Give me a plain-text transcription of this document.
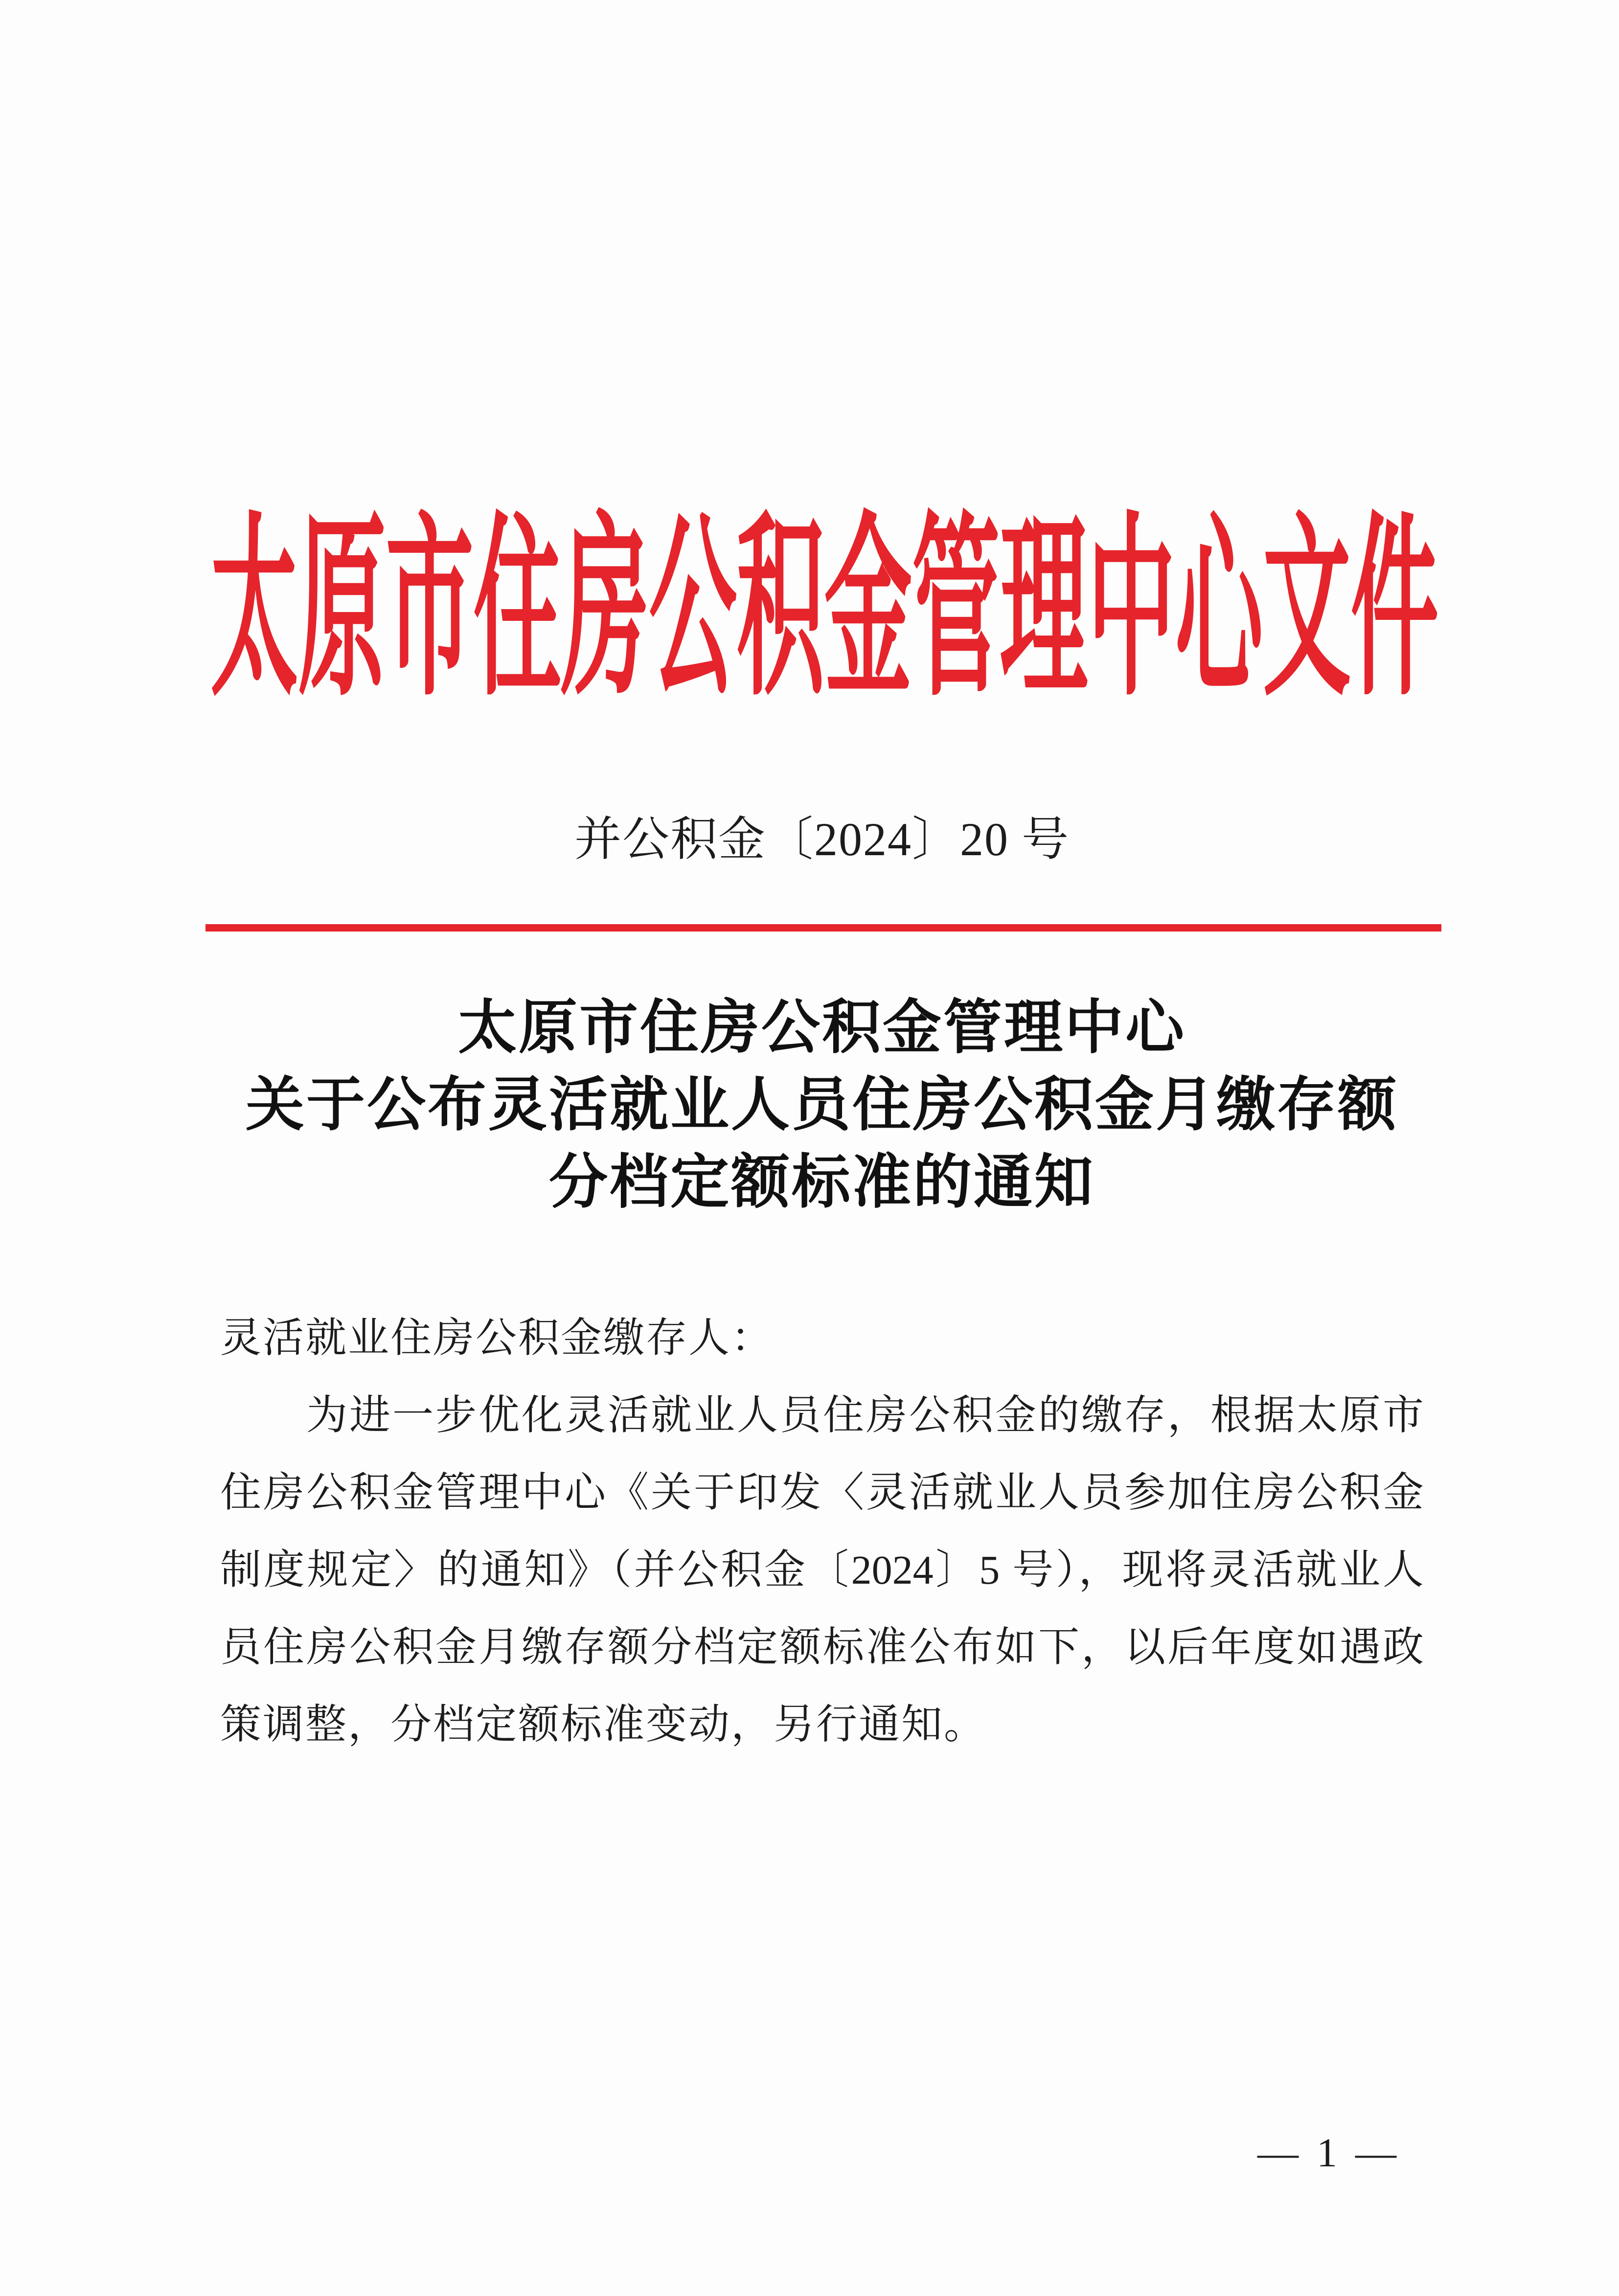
太原市住房公积金管理中心文件
并公积金〔2024〕20 号
太原市住房公积金管理中心
关于公布灵活就业人员住房公积金月缴存额
分档定额标准的通知
灵活就业住房公积金缴存人：
为进一步优化灵活就业人员住房公积金的缴存，根据太原市
住房公积金管理中心《关于印发〈灵活就业人员参加住房公积金
制度规定〉的通知》（并公积金〔2024〕5 号），现将灵活就业人
员住房公积金月缴存额分档定额标准公布如下，以后年度如遇政
策调整，分档定额标准变动，另行通知。
— 1 —
